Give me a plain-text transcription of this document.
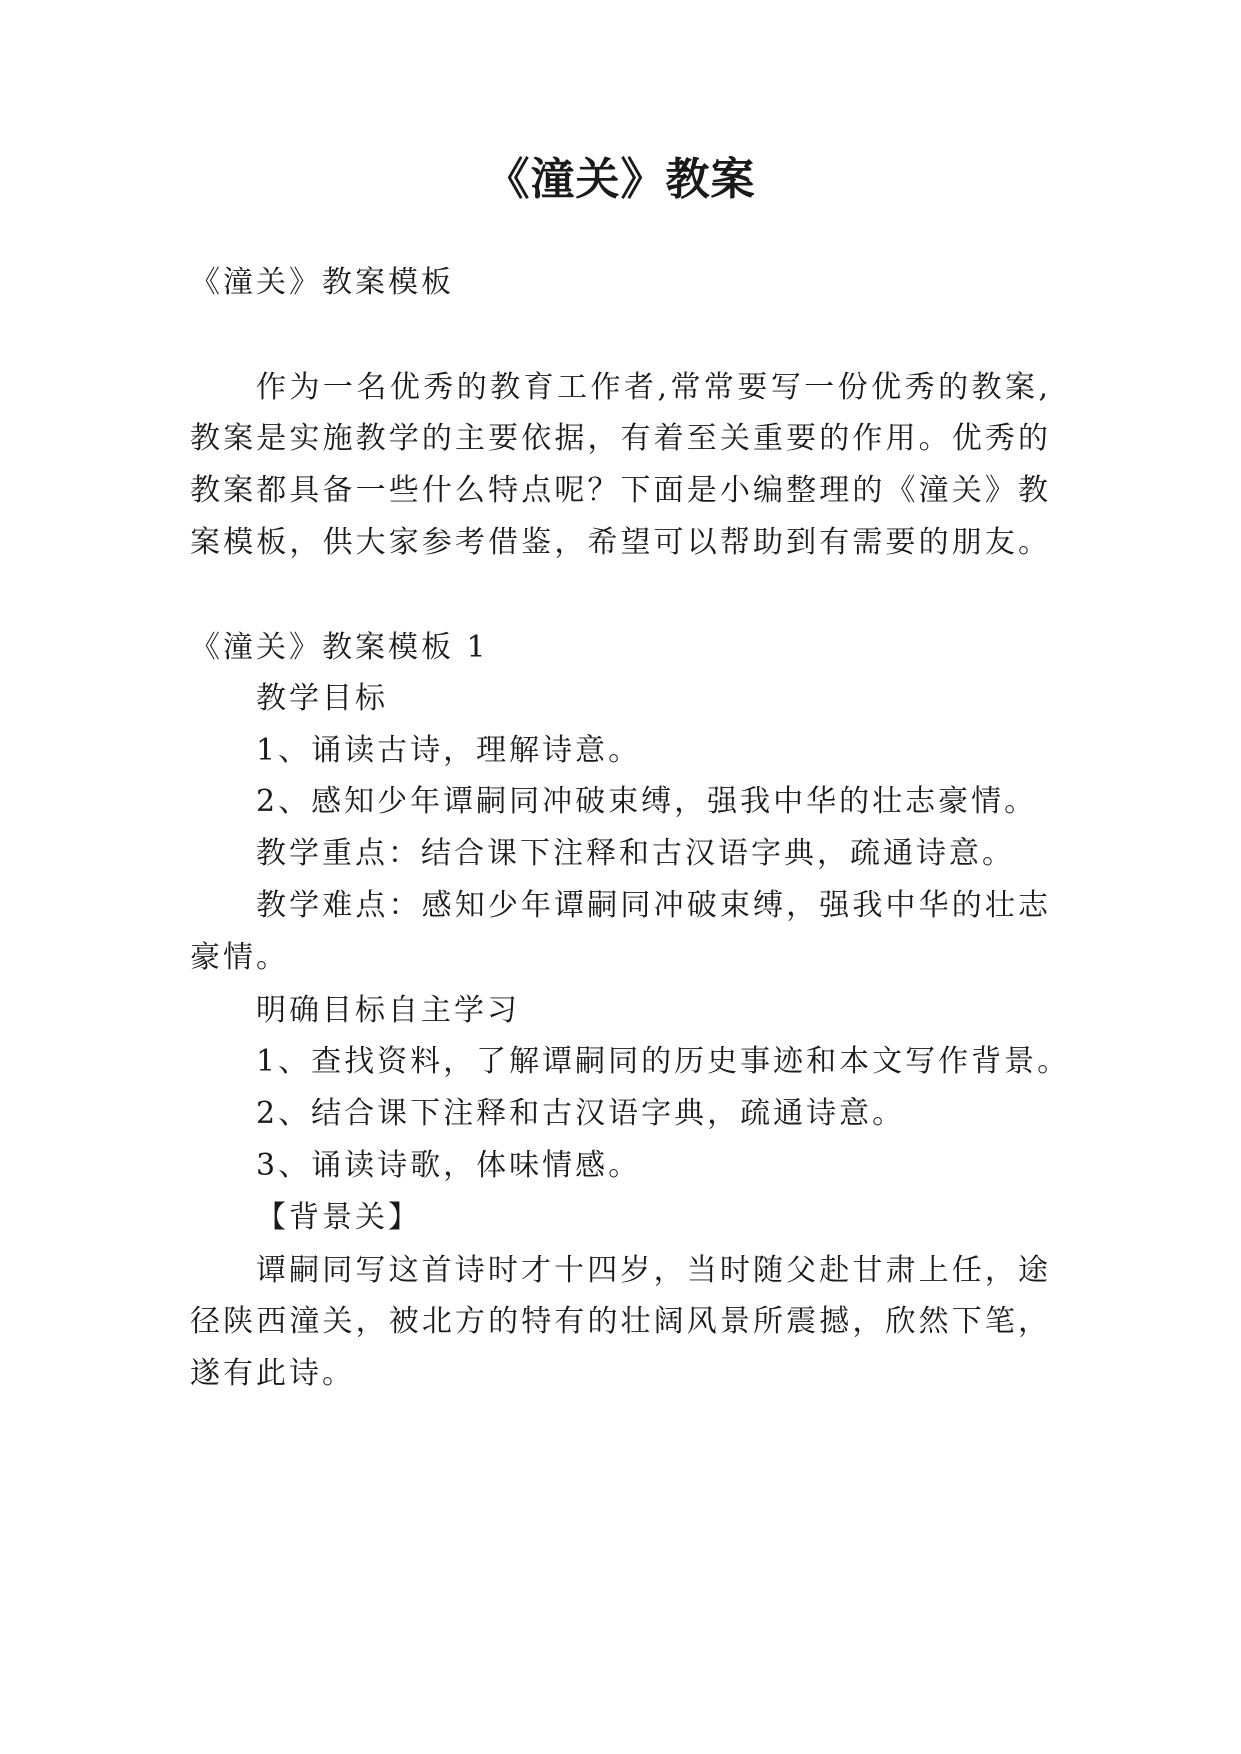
《潼关》教案
《潼关》教案模板
作为一名优秀的教育工作者,常常要写一份优秀的教案,
教案是实施教学的主要依据，有着至关重要的作用。优秀的
教案都具备一些什么特点呢？下面是小编整理的《潼关》教
案模板，供大家参考借鉴，希望可以帮助到有需要的朋友。
《潼关》教案模板 1
教学目标
1、诵读古诗，理解诗意。
2、感知少年谭嗣同冲破束缚，强我中华的壮志豪情。
教学重点：结合课下注释和古汉语字典，疏通诗意。
教学难点：感知少年谭嗣同冲破束缚，强我中华的壮志
豪情。
明确目标自主学习
1、查找资料，了解谭嗣同的历史事迹和本文写作背景。
2、结合课下注释和古汉语字典，疏通诗意。
3、诵读诗歌，体味情感。
【背景关】
谭嗣同写这首诗时才十四岁，当时随父赴甘肃上任，途
径陕西潼关，被北方的特有的壮阔风景所震撼，欣然下笔，
遂有此诗。
